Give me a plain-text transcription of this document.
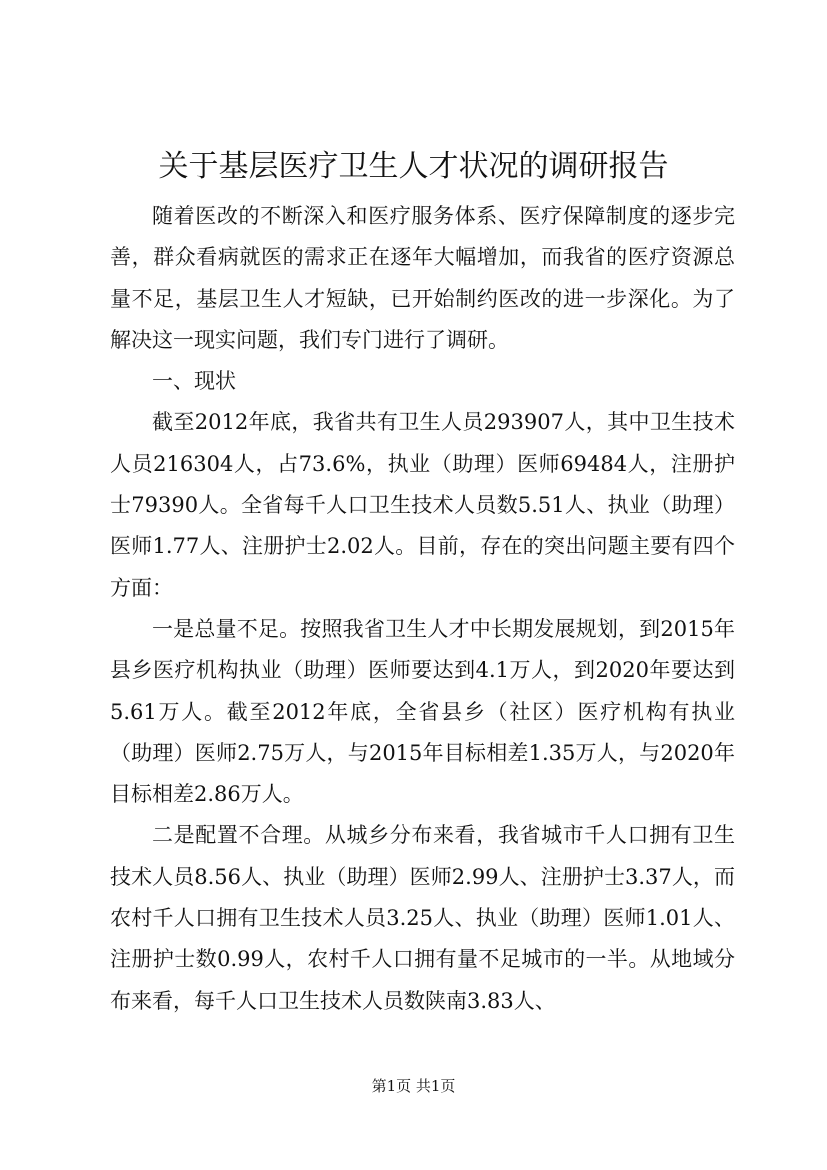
关于基层医疗卫生人才状况的调研报告

随着医改的不断深入和医疗服务体系、医疗保障制度的逐步完善，群众看病就医的需求正在逐年大幅增加，而我省的医疗资源总量不足，基层卫生人才短缺，已开始制约医改的进一步深化。为了解决这一现实问题，我们专门进行了调研。

一、现状

截至2012年底，我省共有卫生人员293907人，其中卫生技术人员216304人，占73.6%，执业（助理）医师69484人，注册护士79390人。全省每千人口卫生技术人员数5.51人、执业（助理）医师1.77人、注册护士2.02人。目前，存在的突出问题主要有四个方面：

一是总量不足。按照我省卫生人才中长期发展规划，到2015年县乡医疗机构执业（助理）医师要达到4.1万人，到2020年要达到5.61万人。截至2012年底，全省县乡（社区）医疗机构有执业（助理）医师2.75万人，与2015年目标相差1.35万人，与2020年目标相差2.86万人。

二是配置不合理。从城乡分布来看，我省城市千人口拥有卫生技术人员8.56人、执业（助理）医师2.99人、注册护士3.37人，而农村千人口拥有卫生技术人员3.25人、执业（助理）医师1.01人、注册护士数0.99人，农村千人口拥有量不足城市的一半。从地域分布来看，每千人口卫生技术人员数陕南3.83人、

第1页 共1页
